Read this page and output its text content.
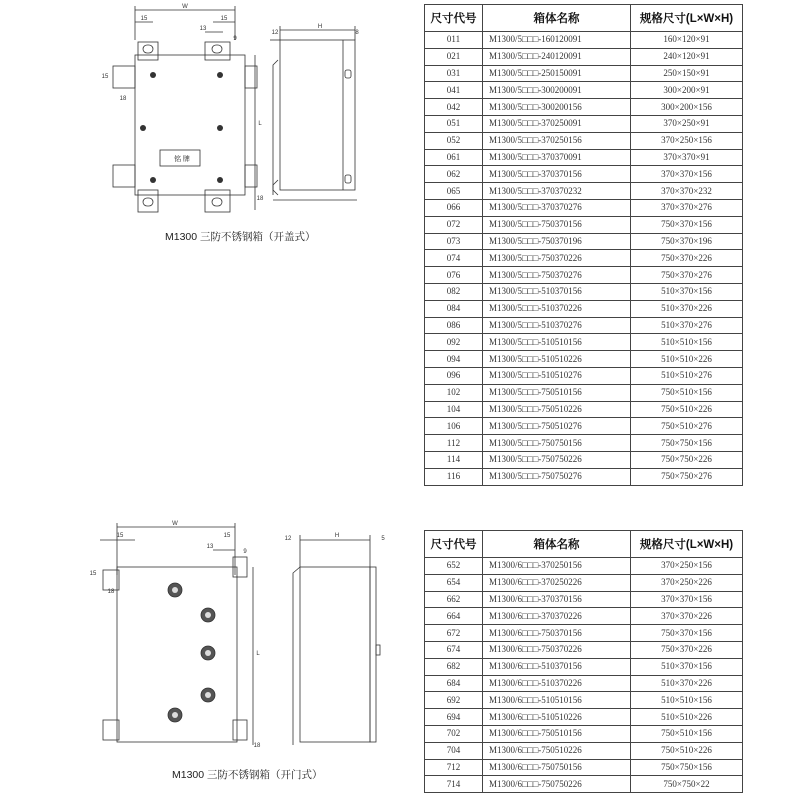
铭 牌
W
15	15
13
9
15
18
18
L
12
H
8
M1300 三防不锈钢箱（开盖式）
W
15	15
13
9
15
18
18
L
12	H	5
M1300 三防不锈钢箱（开门式）
尺寸代号	箱体名称	规格尺寸(L×W×H)
011	M1300/5□□□-160120091	160×120×91
021	M1300/5□□□-240120091	240×120×91
031	M1300/5□□□-250150091	250×150×91
041	M1300/5□□□-300200091	300×200×91
042	M1300/5□□□-300200156	300×200×156
051	M1300/5□□□-370250091	370×250×91
052	M1300/5□□□-370250156	370×250×156
061	M1300/5□□□-370370091	370×370×91
062	M1300/5□□□-370370156	370×370×156
065	M1300/5□□□-370370232	370×370×232
066	M1300/5□□□-370370276	370×370×276
072	M1300/5□□□-750370156	750×370×156
073	M1300/5□□□-750370196	750×370×196
074	M1300/5□□□-750370226	750×370×226
076	M1300/5□□□-750370276	750×370×276
082	M1300/5□□□-510370156	510×370×156
084	M1300/5□□□-510370226	510×370×226
086	M1300/5□□□-510370276	510×370×276
092	M1300/5□□□-510510156	510×510×156
094	M1300/5□□□-510510226	510×510×226
096	M1300/5□□□-510510276	510×510×276
102	M1300/5□□□-750510156	750×510×156
104	M1300/5□□□-750510226	750×510×226
106	M1300/5□□□-750510276	750×510×276
112	M1300/5□□□-750750156	750×750×156
114	M1300/5□□□-750750226	750×750×226
116	M1300/5□□□-750750276	750×750×276
尺寸代号	箱体名称	规格尺寸(L×W×H)
652	M1300/6□□□-370250156	370×250×156
654	M1300/6□□□-370250226	370×250×226
662	M1300/6□□□-370370156	370×370×156
664	M1300/6□□□-370370226	370×370×226
672	M1300/6□□□-750370156	750×370×156
674	M1300/6□□□-750370226	750×370×226
682	M1300/6□□□-510370156	510×370×156
684	M1300/6□□□-510370226	510×370×226
692	M1300/6□□□-510510156	510×510×156
694	M1300/6□□□-510510226	510×510×226
702	M1300/6□□□-750510156	750×510×156
704	M1300/6□□□-750510226	750×510×226
712	M1300/6□□□-750750156	750×750×156
714	M1300/6□□□-750750226	750×750×22
